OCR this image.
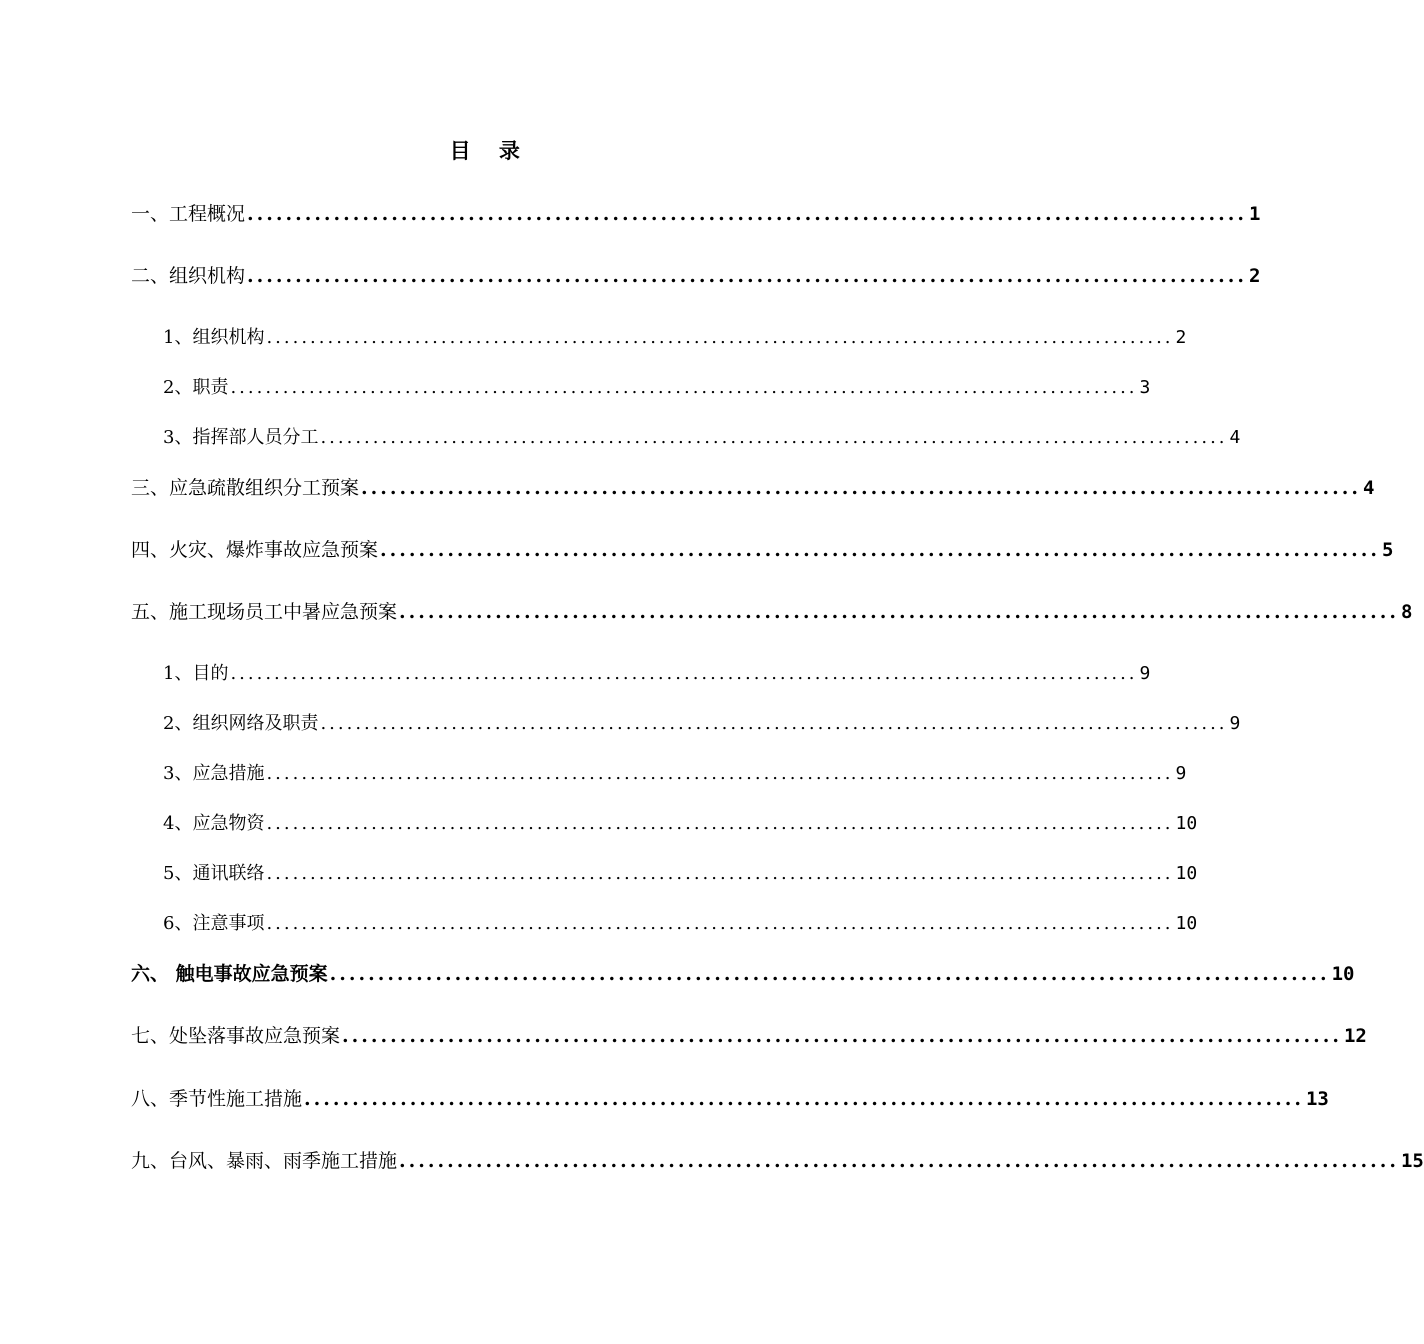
目 录
一、工程概况 ........................................................................................................ 1
二、组织机构 ........................................................................................................ 2
1、组织机构 ........................................................................................................ 2
2、职责 ........................................................................................................ 3
3、指挥部人员分工 ........................................................................................................ 4
三、应急疏散组织分工预案 ........................................................................................................ 4
四、火灾、爆炸事故应急预案 ........................................................................................................ 5
五、施工现场员工中暑应急预案 ........................................................................................................ 8
1、目的 ........................................................................................................ 9
2、组织网络及职责 ........................................................................................................ 9
3、应急措施 ........................................................................................................ 9
4、应急物资 ........................................................................................................ 10
5、通讯联络 ........................................................................................................ 10
6、注意事项 ........................................................................................................ 10
六、 触电事故应急预案 ........................................................................................................ 10
七、处坠落事故应急预案 ........................................................................................................ 12
八、季节性施工措施 ........................................................................................................ 13
九、台风、暴雨、雨季施工措施 ........................................................................................................ 15
